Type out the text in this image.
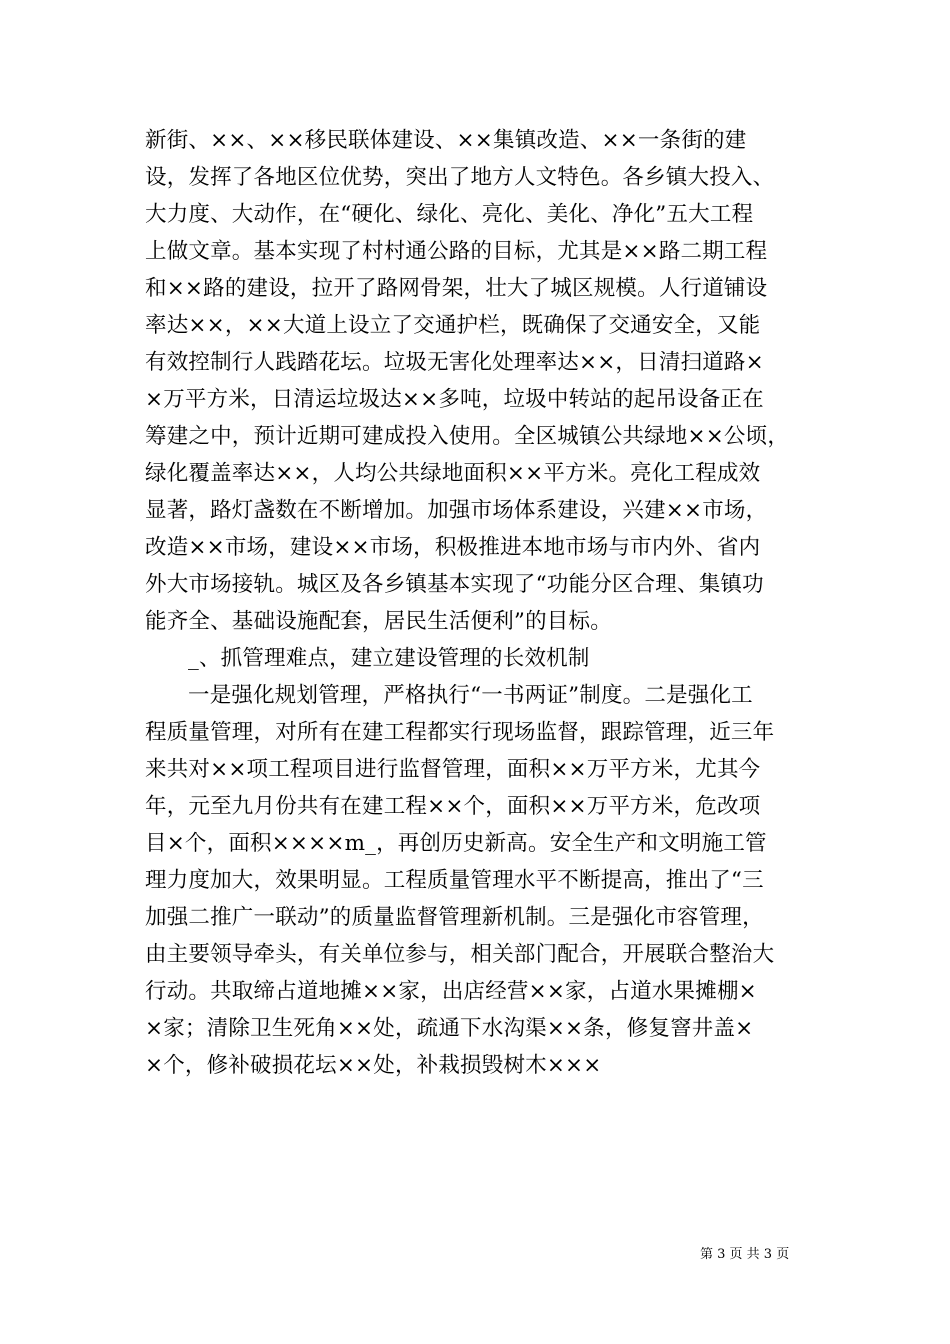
新街、××、××移民联体建设、××集镇改造、××一条街的建
设，发挥了各地区位优势，突出了地方人文特色。各乡镇大投入、
大力度、大动作，在“硬化、绿化、亮化、美化、净化”五大工程
上做文章。基本实现了村村通公路的目标，尤其是××路二期工程
和××路的建设，拉开了路网骨架，壮大了城区规模。人行道铺设
率达××，××大道上设立了交通护栏，既确保了交通安全，又能
有效控制行人践踏花坛。垃圾无害化处理率达××，日清扫道路×
×万平方米，日清运垃圾达××多吨，垃圾中转站的起吊设备正在
筹建之中，预计近期可建成投入使用。全区城镇公共绿地××公顷，
绿化覆盖率达××，人均公共绿地面积××平方米。亮化工程成效
显著，路灯盏数在不断增加。加强市场体系建设，兴建××市场，
改造××市场，建设××市场，积极推进本地市场与市内外、省内
外大市场接轨。城区及各乡镇基本实现了“功能分区合理、集镇功
能齐全、基础设施配套，居民生活便利”的目标。
_、抓管理难点，建立建设管理的长效机制
一是强化规划管理，严格执行“一书两证”制度。二是强化工
程质量管理，对所有在建工程都实行现场监督，跟踪管理，近三年
来共对××项工程项目进行监督管理，面积××万平方米，尤其今
年，元至九月份共有在建工程××个，面积××万平方米，危改项
目×个，面积××××m_，再创历史新高。安全生产和文明施工管
理力度加大，效果明显。工程质量管理水平不断提高，推出了“三
加强二推广一联动”的质量监督管理新机制。三是强化市容管理，
由主要领导牵头，有关单位参与，相关部门配合，开展联合整治大
行动。共取缔占道地摊××家，出店经营××家，占道水果摊棚×
×家；清除卫生死角××处，疏通下水沟渠××条，修复窨井盖×
×个，修补破损花坛××处，补栽损毁树木×××
第 3 页 共 3 页
